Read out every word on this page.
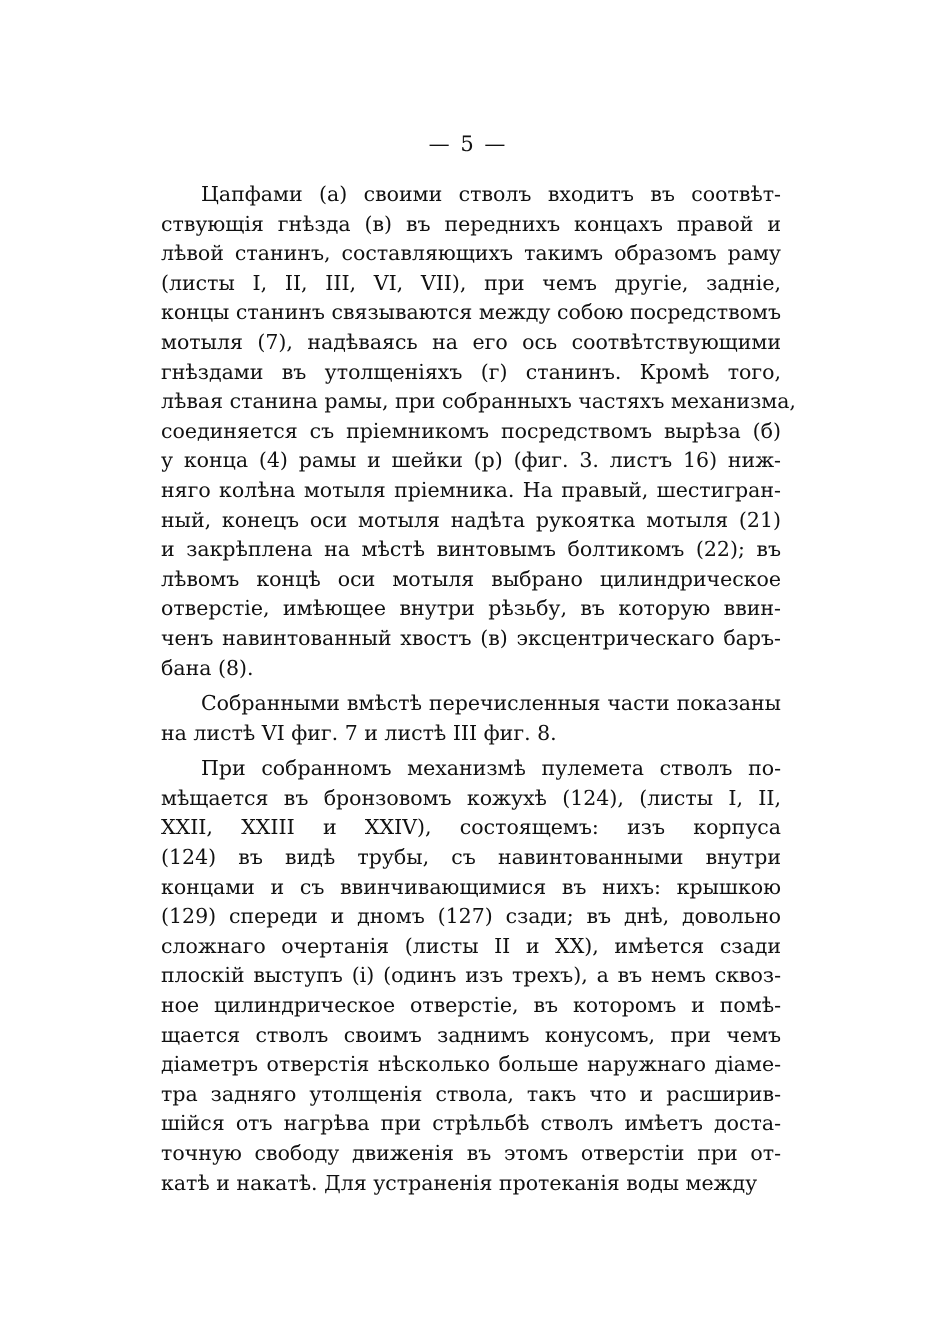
— 5 —

Цапфами (а) своими стволъ входитъ въ соотвѣт-
ствующія гнѣзда (в) въ переднихъ концахъ правой и
лѣвой станинъ, составляющихъ такимъ образомъ раму
(листы I, II, III, VI, VII), при чемъ другіе, задніе,
концы станинъ связываются между собою посредствомъ
мотыля (7), надѣваясь на его ось соотвѣтствующими
гнѣздами въ утолщеніяхъ (г) станинъ. Кромѣ того,
лѣвая станина рамы, при собранныхъ частяхъ механизма,
соединяется съ пріемникомъ посредствомъ вырѣза (б)
у конца (4) рамы и шейки (р) (фиг. 3. листъ 16) ниж-
няго колѣна мотыля пріемника. На правый, шестигран-
ный, конецъ оси мотыля надѣта рукоятка мотыля (21)
и закрѣплена на мѣстѣ винтовымъ болтикомъ (22); въ
лѣвомъ концѣ оси мотыля выбрано цилиндрическое
отверстіе, имѣющее внутри рѣзьбу, въ которую ввин-
ченъ навинтованный хвостъ (в) эксцентрическаго баръ-
бана (8).

Собранными вмѣстѣ перечисленныя части показаны
на листѣ VI фиг. 7 и листѣ III фиг. 8.

При собранномъ механизмѣ пулемета стволъ по-
мѣщается въ бронзовомъ кожухѣ (124), (листы I, II,
XXII, XXIII и XXIV), состоящемъ: изъ корпуса
(124) въ видѣ трубы, съ навинтованными внутри
концами и съ ввинчивающимися въ нихъ: крышкою
(129) спереди и дномъ (127) сзади; въ днѣ, довольно
сложнаго очертанія (листы II и XX), имѣется сзади
плоскій выступъ (і) (одинъ изъ трехъ), а въ немъ сквоз-
ное цилиндрическое отверстіе, въ которомъ и помѣ-
щается стволъ своимъ заднимъ конусомъ, при чемъ
діаметръ отверстія нѣсколько больше наружнаго діаме-
тра задняго утолщенія ствола, такъ что и расширив-
шійся отъ нагрѣва при стрѣльбѣ стволъ имѣетъ доста-
точную свободу движенія въ этомъ отверстіи при от-
катѣ и накатѣ. Для устраненія протеканія воды между
